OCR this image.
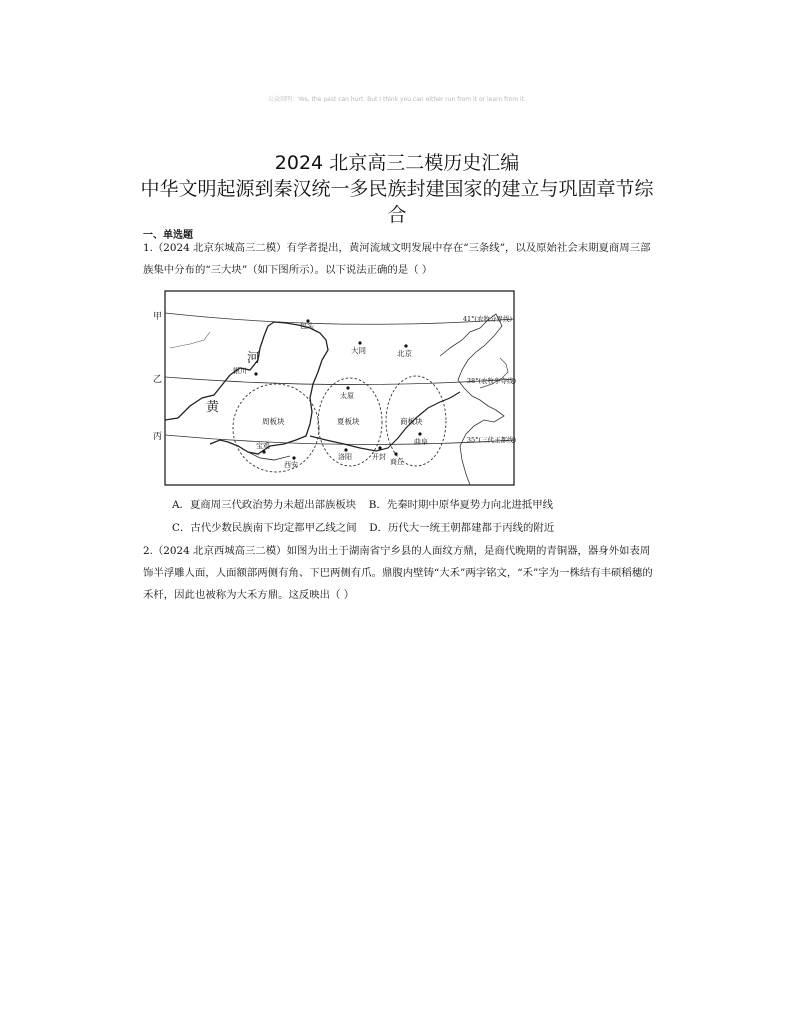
公众回明：Yes, the past can hurt. But I think you can either run from it or learn from it.
2024 北京高三二模历史汇编
中华文明起源到秦汉统一多民族封建国家的建立与巩固章节综
合
一、单选题
1.（2024 北京东城高三二模）有学者提出，黄河流域文明发展中存在“三条线”，以及原始社会末期夏商周三部族集中分布的“三大块”（如下图所示）。以下说法正确的是（ ）
甲
乙
丙
41°(农牧分界线)
38°(农牧争夺线)
35°(三代王都线)
河
黄
包头
大同	北京
银川
太原
宝鸡
西安
洛阳	开封
商丘
曲阜
周板块	夏板块	商板块
A．夏商周三代政治势力未超出部族板块 B．先秦时期中原华夏势力向北进抵甲线
C．古代少数民族南下均定都甲乙线之间 D．历代大一统王朝都建都于丙线的附近
2.（2024 北京西城高三二模）如图为出土于湖南省宁乡县的人面纹方鼎，是商代晚期的青铜器，器身外如表周饰半浮雕人面，人面额部两侧有角、下巴两侧有爪。鼎腹内壁铸“大禾”两字铭文，“禾”字为一株结有丰硕稻穗的禾杆，因此也被称为大禾方鼎。这反映出（ ）
